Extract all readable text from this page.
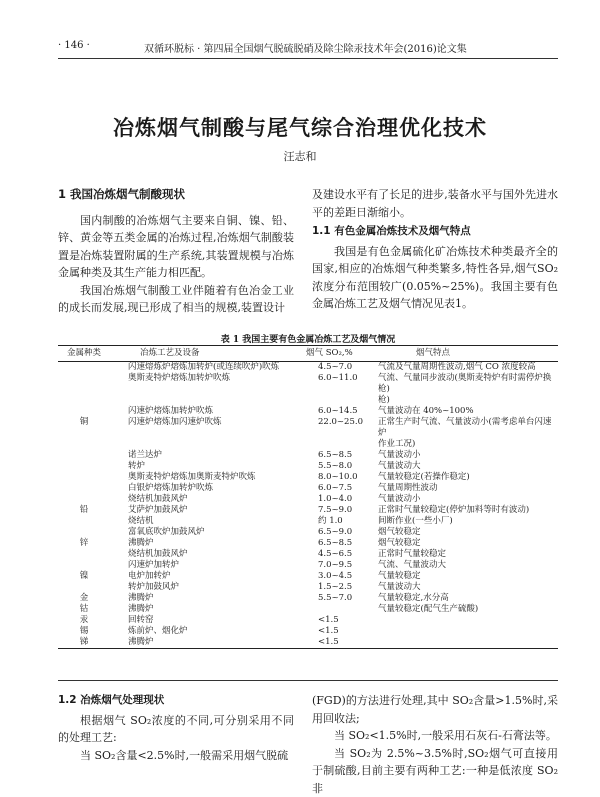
· 146 ·	双循环脱标 · 第四届全国烟气脱硫脱硝及除尘除汞技术年会(2016)论文集
冶炼烟气制酸与尾气综合治理优化技术
汪志和
1 我国冶炼烟气制酸现状

国内制酸的冶炼烟气主要来自铜、镍、铅、锌、黄金等五类金属的冶炼过程,冶炼烟气制酸装置是冶炼装置附属的生产系统,其装置规模与冶炼金属种类及其生产能力相匹配。

我国冶炼烟气制酸工业伴随着有色冶金工业的成长而发展,现已形成了相当的规模,装置设计

及建设水平有了长足的进步,装备水平与国外先进水平的差距日渐缩小。

1.1 有色金属冶炼技术及烟气特点

我国是有色金属硫化矿冶炼技术种类最齐全的国家,相应的冶炼烟气种类繁多,特性各异,烟气SO₂浓度分布范围较广(0.05%~25%)。我国主要有色金属冶炼工艺及烟气情况见表1。

表 1 我国主要有色金属冶炼工艺及烟气情况
金属种类	冶炼工艺及设备	烟气 SO₂,%	烟气特点
	闪速熔炼炉熔炼加转炉(或连续吹炉)吹炼	4.5~7.0	气流及气量周期性波动,烟气 CO 浓度较高
	奥斯麦特炉熔炼加转炉吹炼	6.0~11.0	气流、气量同步波动(奥斯麦特炉有时需停炉换枪)
			枪)
	闪速炉熔炼加转炉吹炼	6.0~14.5	气量波动在 40%~100%
铜	闪速炉熔炼加闪速炉吹炼	22.0~25.0	正常生产时气流、气量波动小(需考虑单台闪速炉
			作业工况)
	诺兰达炉	6.5~8.5	气量波动小
	转炉	5.5~8.0	气量波动大
	奥斯麦特炉熔炼加奥斯麦特炉吹炼	8.0~10.0	气量较稳定(若操作稳定)
	白银炉熔炼加转炉吹炼	6.0~7.5	气量周期性波动
	烧结机加鼓风炉	1.0~4.0	气量波动小
铅	艾萨炉加鼓风炉	7.5~9.0	正常时气量较稳定(停炉加料等时有波动)
	烧结机	约 1.0	间断作业(一些小厂)
	富氧底吹炉加鼓风炉	6.5~9.0	烟气较稳定
锌	沸腾炉	6.5~8.5	烟气较稳定
	烧结机加鼓风炉	4.5~6.5	正常时气量较稳定
	闪速炉加转炉	7.0~9.5	气流、气量波动大
镍	电炉加转炉	3.0~4.5	气量较稳定
	转炉加鼓风炉	1.5~2.5	气量波动大
金	沸腾炉	5.5~7.0	气量较稳定,水分高
钴	沸腾炉		气量较稳定(配气生产硫酸)
汞	回转窑	<1.5	
锡	炼前炉、烟化炉	<1.5	
锑	沸腾炉	<1.5	
1.2 冶炼烟气处理现状

根据烟气 SO₂浓度的不同,可分别采用不同的处理工艺:

当 SO₂含量<2.5%时,一般需采用烟气脱硫

(FGD)的方法进行处理,其中 SO₂含量>1.5%时,采用回收法;

当 SO₂<1.5%时,一般采用石灰石-石膏法等。

当 SO₂为 2.5%~3.5%时,SO₂烟气可直接用于制硫酸,目前主要有两种工艺:一种是低浓度 SO₂非
